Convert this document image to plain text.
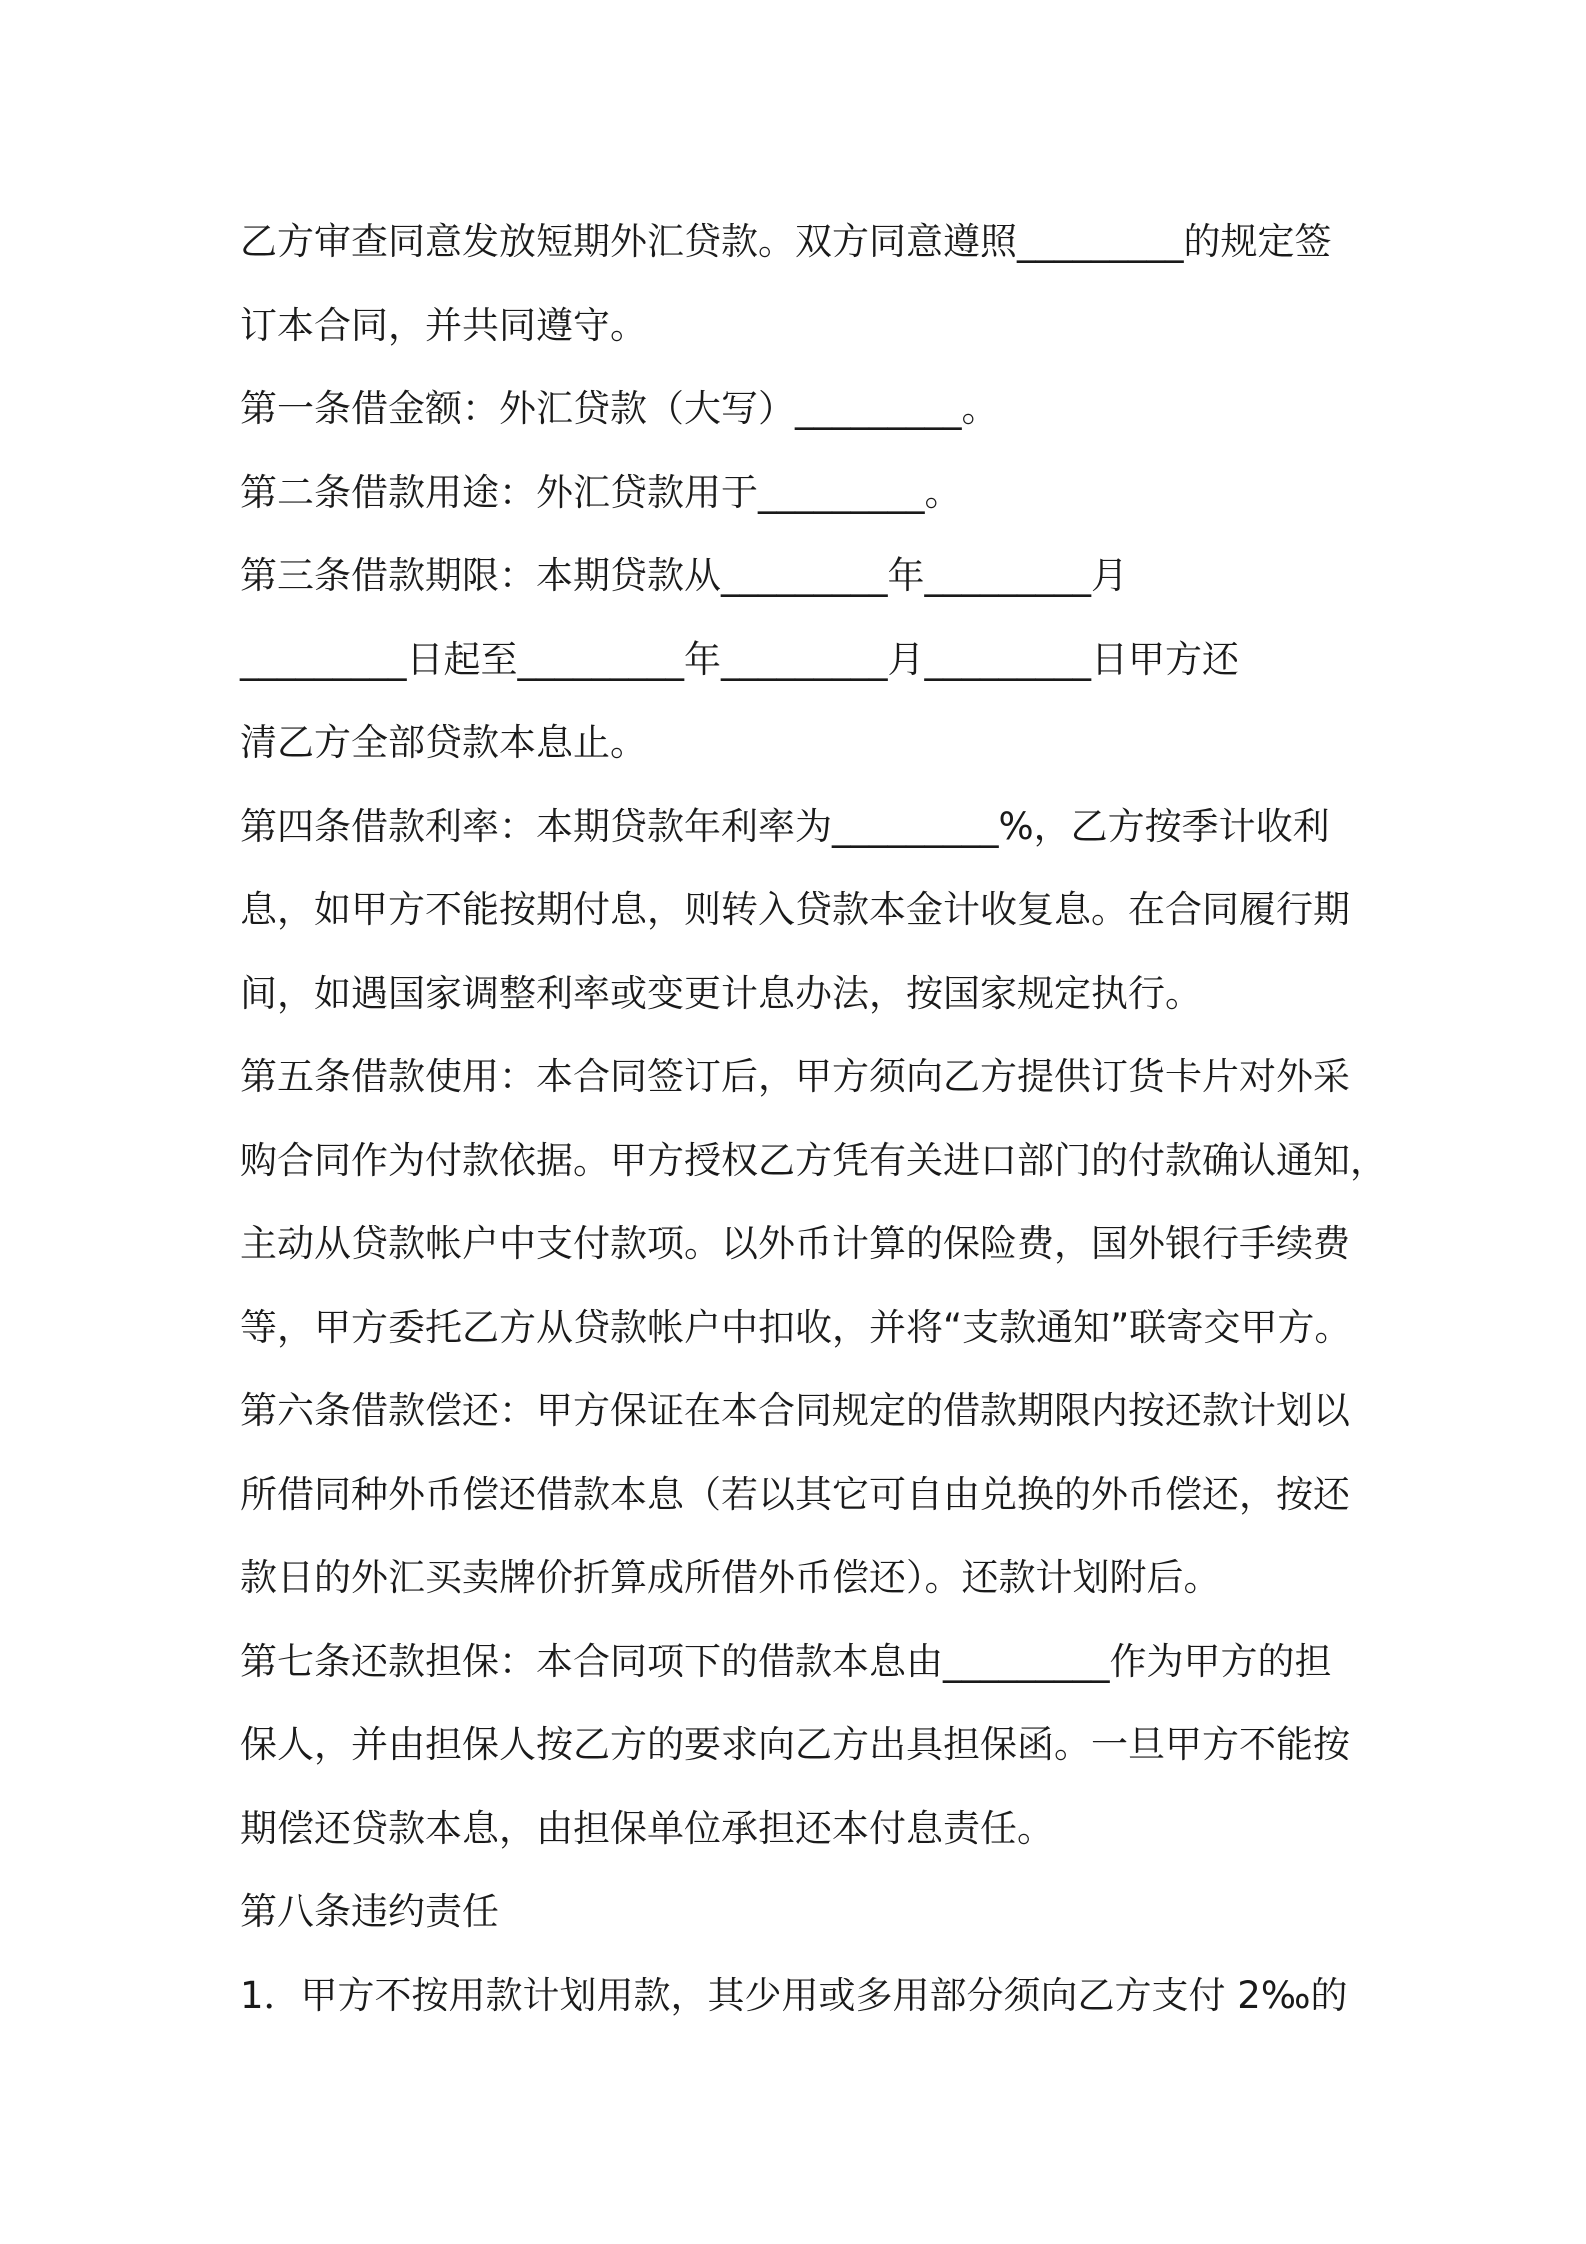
乙方审查同意发放短期外汇贷款。双方同意遵照_________的规定签
订本合同，并共同遵守。
第一条借金额：外汇贷款（大写）_________。
第二条借款用途：外汇贷款用于_________。
第三条借款期限：本期贷款从_________年_________月
_________日起至_________年_________月_________日甲方还
清乙方全部贷款本息止。
第四条借款利率：本期贷款年利率为_________%，乙方按季计收利
息，如甲方不能按期付息，则转入贷款本金计收复息。在合同履行期
间，如遇国家调整利率或变更计息办法，按国家规定执行。
第五条借款使用：本合同签订后，甲方须向乙方提供订货卡片对外采
购合同作为付款依据。甲方授权乙方凭有关进口部门的付款确认通知，
主动从贷款帐户中支付款项。以外币计算的保险费，国外银行手续费
等，甲方委托乙方从贷款帐户中扣收，并将“支款通知”联寄交甲方。
第六条借款偿还：甲方保证在本合同规定的借款期限内按还款计划以
所借同种外币偿还借款本息（若以其它可自由兑换的外币偿还，按还
款日的外汇买卖牌价折算成所借外币偿还）。还款计划附后。
第七条还款担保：本合同项下的借款本息由_________作为甲方的担
保人，并由担保人按乙方的要求向乙方出具担保函。一旦甲方不能按
期偿还贷款本息，由担保单位承担还本付息责任。
第八条违约责任
1．甲方不按用款计划用款，其少用或多用部分须向乙方支付 2‰的
